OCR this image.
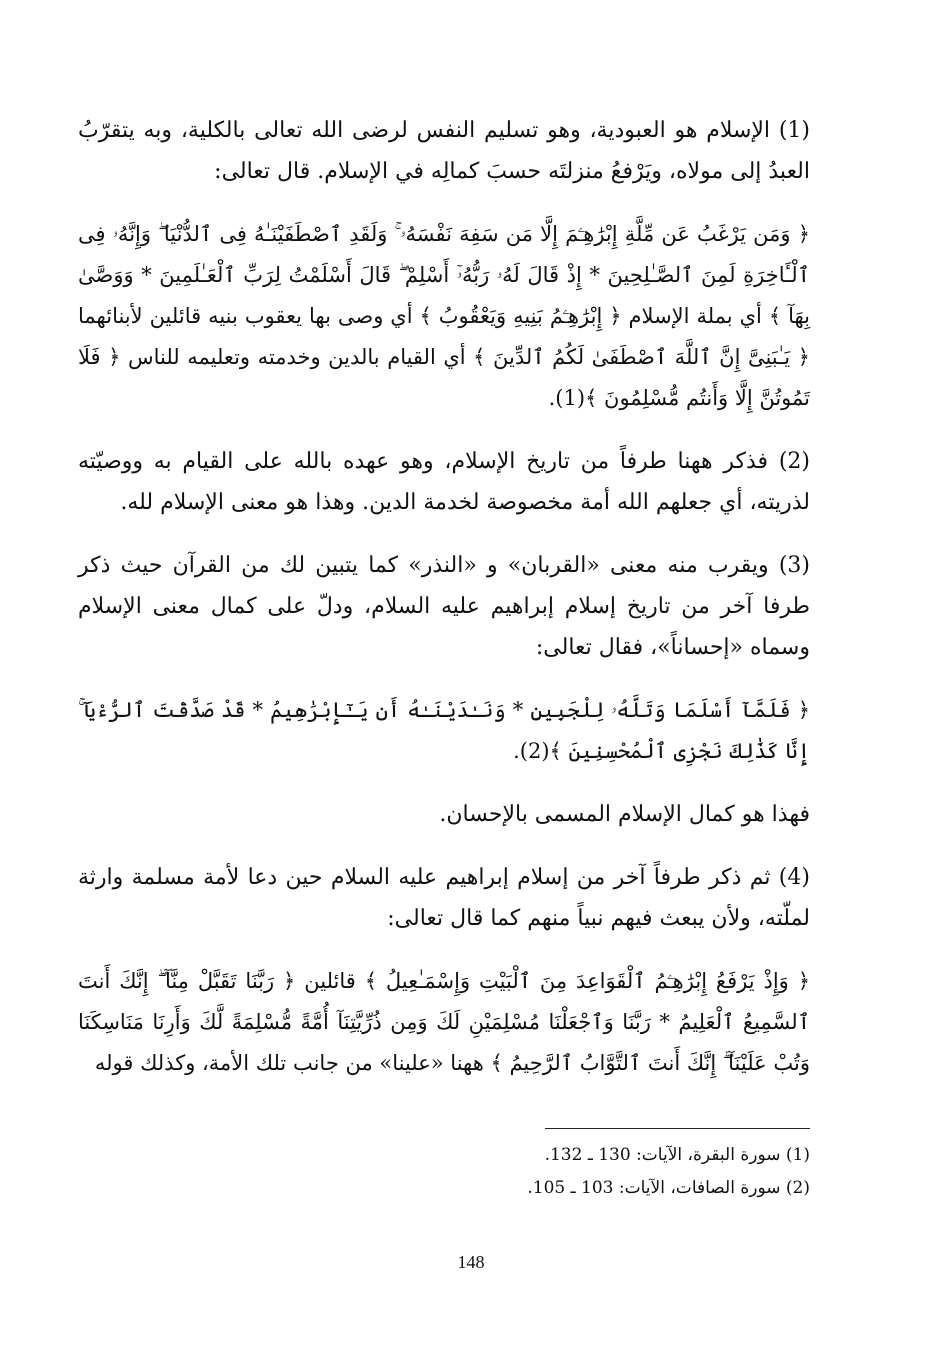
(1) الإسلام هو العبودية، وهو تسليم النفس لرضى الله تعالى بالكلية، وبه يتقرّبُ العبدُ إلى مولاه، ويَرْفعُ منزلتَه حسبَ كمالِه في الإسلام. قال تعالى:

﴿ وَمَن يَرْغَبُ عَن مِّلَّةِ إِبْرَٰهِـۧمَ إِلَّا مَن سَفِهَ نَفْسَهُۥ ۚ وَلَقَدِ ٱصْطَفَيْنَـٰهُ فِى ٱلدُّنْيَا ۖ وَإِنَّهُۥ فِى ٱلْـَٔاخِرَةِ لَمِنَ ٱلصَّـٰلِحِينَ * إِذْ قَالَ لَهُۥ رَبُّهُۥٓ أَسْلِمْ ۖ قَالَ أَسْلَمْتُ لِرَبِّ ٱلْعَـٰلَمِينَ * وَوَصَّىٰ بِهَآ ﴾ أي بملة الإسلام ﴿ إِبْرَٰهِـۧمُ بَنِيهِ وَيَعْقُوبُ ﴾ أي وصى بها يعقوب بنيه قائلين لأبنائهما ﴿ يَـٰبَنِىَّ إِنَّ ٱللَّهَ ٱصْطَفَىٰ لَكُمُ ٱلدِّينَ ﴾ أي القيام بالدين وخدمته وتعليمه للناس ﴿ فَلَا تَمُوتُنَّ إِلَّا وَأَنتُم مُّسْلِمُونَ ﴾(1).

(2) فذكر ههنا طرفاً من تاريخ الإسلام، وهو عهده بالله على القيام به ووصيّته لذريته، أي جعلهم الله أمة مخصوصة لخدمة الدين. وهذا هو معنى الإسلام لله.

(3) ويقرب منه معنى «القربان» و «النذر» كما يتبين لك من القرآن حيث ذكر طرفا آخر من تاريخ إسلام إبراهيم عليه السلام، ودلّ على كمال معنى الإسلام وسماه «إحساناً»، فقال تعالى:

﴿ فَلَمَّآ أَسْلَمَا وَتَلَّهُۥ لِلْجَبِينِ * وَنَـٰدَيْنَـٰهُ أَن يَـٰٓإِبْرَٰهِيمُ * قَدْ صَدَّقْتَ ٱلرُّءْيَآ ۚ إِنَّا كَذَٰلِكَ نَجْزِى ٱلْمُحْسِنِينَ ﴾(2).

فهذا هو كمال الإسلام المسمى بالإحسان.

(4) ثم ذكر طرفاً آخر من إسلام إبراهيم عليه السلام حين دعا لأمة مسلمة وارثة لملّته، ولأن يبعث فيهم نبياً منهم كما قال تعالى:

﴿ وَإِذْ يَرْفَعُ إِبْرَٰهِـۧمُ ٱلْقَوَاعِدَ مِنَ ٱلْبَيْتِ وَإِسْمَـٰعِيلُ ﴾ قائلين ﴿ رَبَّنَا تَقَبَّلْ مِنَّآ ۖ إِنَّكَ أَنتَ ٱلسَّمِيعُ ٱلْعَلِيمُ * رَبَّنَا وَٱجْعَلْنَا مُسْلِمَيْنِ لَكَ وَمِن ذُرِّيَّتِنَآ أُمَّةً مُّسْلِمَةً لَّكَ وَأَرِنَا مَنَاسِكَنَا وَتُبْ عَلَيْنَآ ۖ إِنَّكَ أَنتَ ٱلتَّوَّابُ ٱلرَّحِيمُ ﴾ ههنا «علينا» من جانب تلك الأمة، وكذلك قوله

(1) سورة البقرة، الآيات: 130 ـ 132.

(2) سورة الصافات، الآيات: 103 ـ 105.

148
